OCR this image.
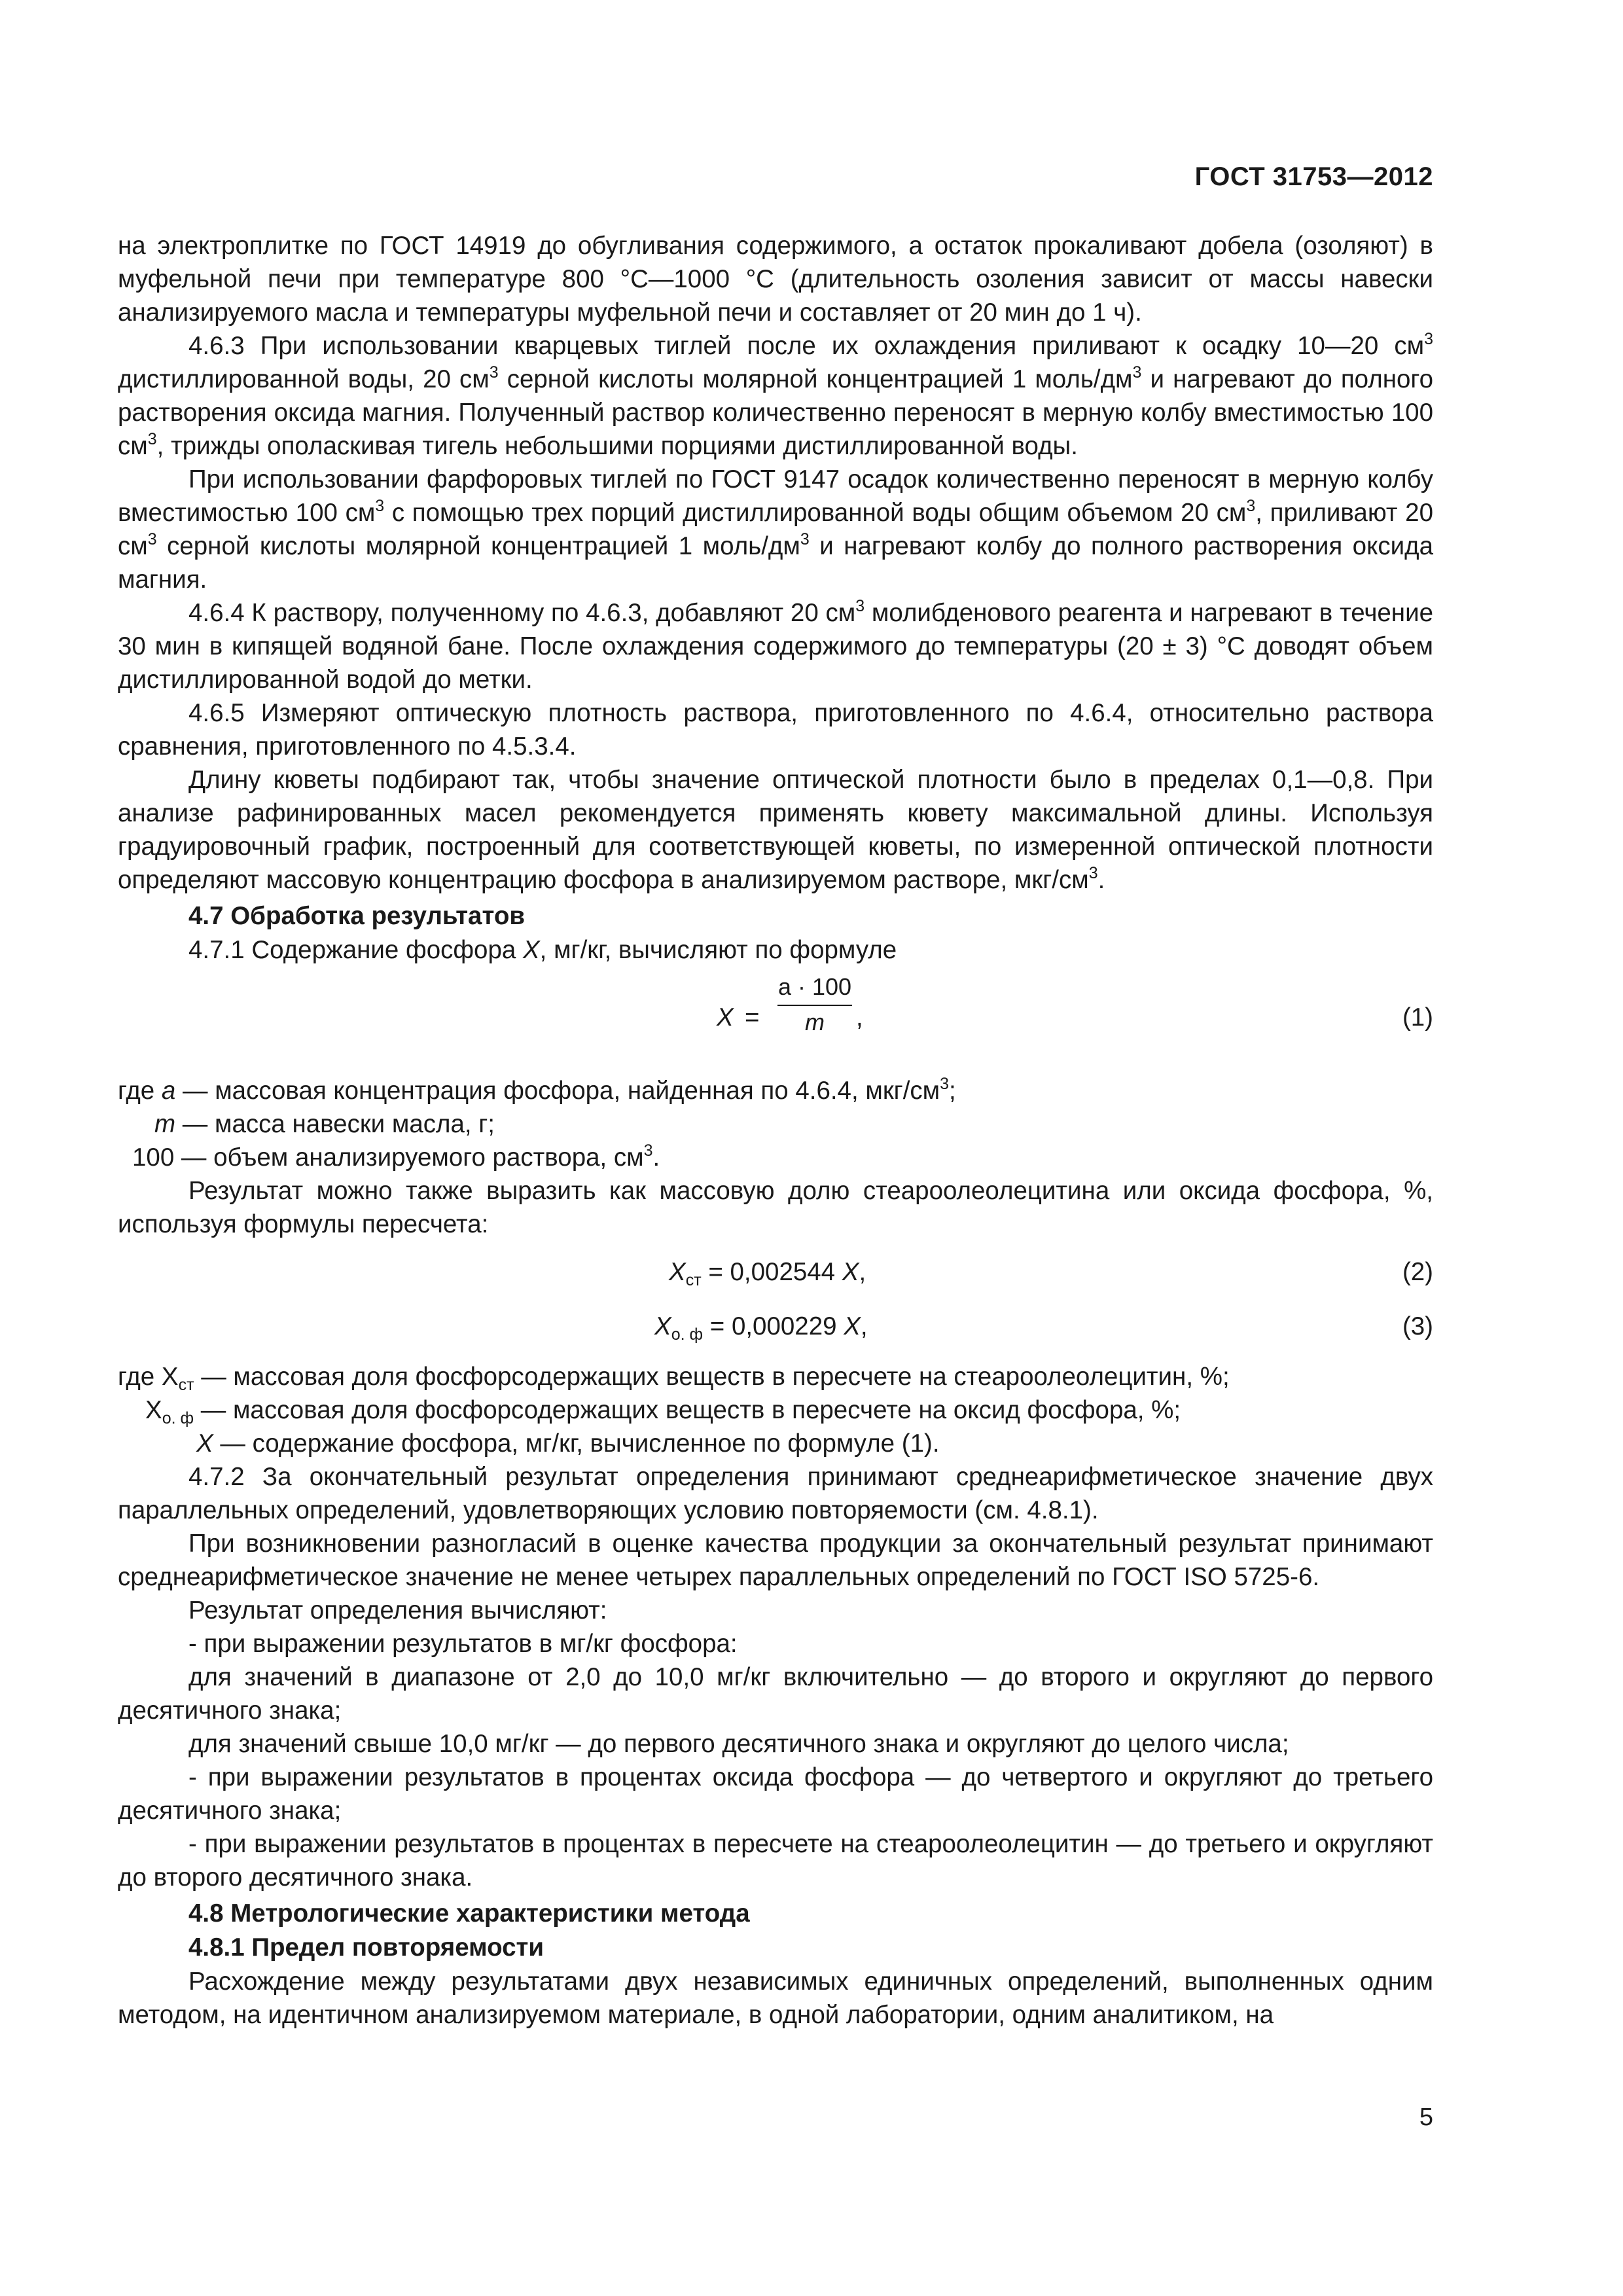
ГОСТ 31753—2012

на электроплитке по ГОСТ 14919 до обугливания содержимого, а остаток прокаливают добела (озоляют) в муфельной печи при температуре 800 °C—1000 °C (длительность озоления зависит от массы навески анализируемого масла и температуры муфельной печи и составляет от 20 мин до 1 ч).

4.6.3 При использовании кварцевых тиглей после их охлаждения приливают к осадку 10—20 $см^3$ дистиллированной воды, 20 $см^3$ серной кислоты молярной концентрацией 1 моль/$дм^3$ и нагревают до полного растворения оксида магния. Полученный раствор количественно переносят в мерную колбу вместимостью 100 $см^3$, трижды ополаскивая тигель небольшими порциями дистиллированной воды.

При использовании фарфоровых тиглей по ГОСТ 9147 осадок количественно переносят в мерную колбу вместимостью 100 $см^3$ с помощью трех порций дистиллированной воды общим объемом 20 $см^3$, приливают 20 $см^3$ серной кислоты молярной концентрацией 1 моль/$дм^3$ и нагревают колбу до полного растворения оксида магния.

4.6.4 К раствору, полученному по 4.6.3, добавляют 20 $см^3$ молибденового реагента и нагревают в течение 30 мин в кипящей водяной бане. После охлаждения содержимого до температуры (20 ± 3) °С доводят объем дистиллированной водой до метки.

4.6.5 Измеряют оптическую плотность раствора, приготовленного по 4.6.4, относительно раствора сравнения, приготовленного по 4.5.3.4.

Длину кюветы подбирают так, чтобы значение оптической плотности было в пределах 0,1—0,8. При анализе рафинированных масел рекомендуется применять кювету максимальной длины. Используя градуировочный график, построенный для соответствующей кюветы, по измеренной оптической плотности определяют массовую концентрацию фосфора в анализируемом растворе, мкг/$см^3$.

4.7 Обработка результатов

4.7.1 Содержание фосфора X, мг/кг, вычисляют по формуле

X =
a · 100
m	,	(1)

где a — массовая концентрация фосфора, найденная по 4.6.4, мкг/$см^3$;

m — масса навески масла, г;

100 — объем анализируемого раствора, $см^3$.

Результат можно также выразить как массовую долю стеароолеолецитина или оксида фосфора, %, используя формулы пересчета:

$X_{ст} = 0,002544$ X,	(2)
$X_{о. ф} = 0,000229$ X,	(3)

где $X_{ст}$ — массовая доля фосфорсодержащих веществ в пересчете на стеароолеолецитин, %;

$X_{о. ф}$ — массовая доля фосфорсодержащих веществ в пересчете на оксид фосфора, %;

X — содержание фосфора, мг/кг, вычисленное по формуле (1).

4.7.2 За окончательный результат определения принимают среднеарифметическое значение двух параллельных определений, удовлетворяющих условию повторяемости (см. 4.8.1).

При возникновении разногласий в оценке качества продукции за окончательный результат принимают среднеарифметическое значение не менее четырех параллельных определений по ГОСТ ISO 5725-6.

Результат определения вычисляют:

- при выражении результатов в мг/кг фосфора:

для значений в диапазоне от 2,0 до 10,0 мг/кг включительно — до второго и округляют до первого десятичного знака;

для значений свыше 10,0 мг/кг — до первого десятичного знака и округляют до целого числа;

- при выражении результатов в процентах оксида фосфора — до четвертого и округляют до третьего десятичного знака;

- при выражении результатов в процентах в пересчете на стеароолеолецитин — до третьего и округляют до второго десятичного знака.

4.8 Метрологические характеристики метода

4.8.1 Предел повторяемости

Расхождение между результатами двух независимых единичных определений, выполненных одним методом, на идентичном анализируемом материале, в одной лаборатории, одним аналитиком, на

5
